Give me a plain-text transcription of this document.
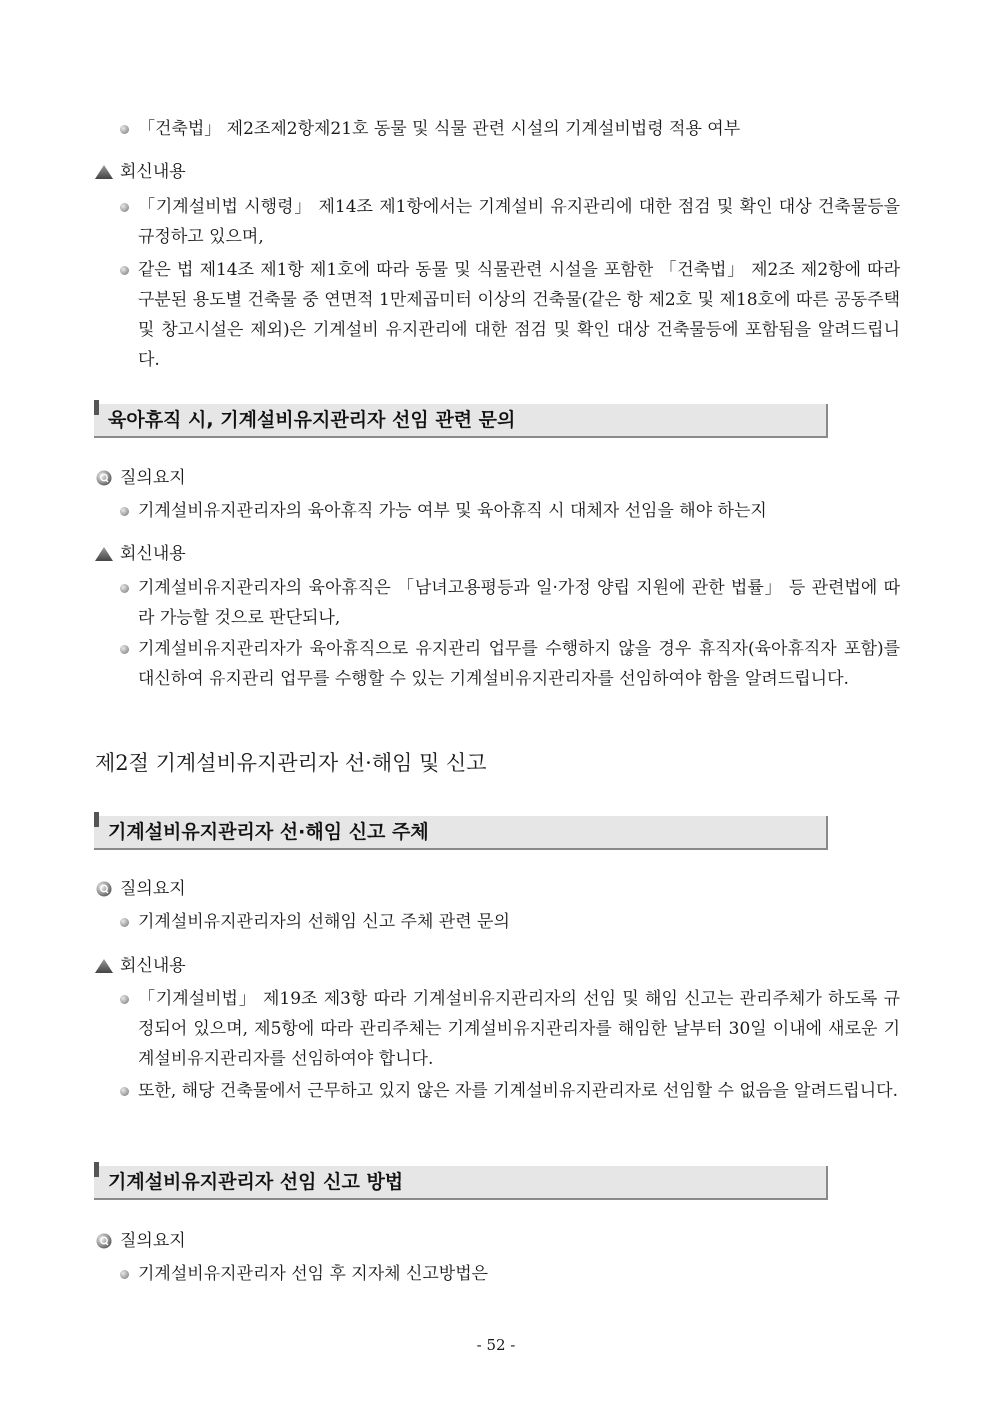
「건축법」 제2조제2항제21호 동물 및 식물 관련 시설의 기계설비법령 적용 여부
회신내용
「기계설비법 시행령」 제14조 제1항에서는 기계설비 유지관리에 대한 점검 및 확인 대상 건축물등을 규정하고 있으며,
같은 법 제14조 제1항 제1호에 따라 동물 및 식물관련 시설을 포함한 「건축법」 제2조 제2항에 따라 구분된 용도별 건축물 중 연면적 1만제곱미터 이상의 건축물(같은 항 제2호 및 제18호에 따른 공동주택 및 창고시설은 제외)은 기계설비 유지관리에 대한 점검 및 확인 대상 건축물등에 포함됨을 알려드립니다.
육아휴직 시, 기계설비유지관리자 선임 관련 문의
질의요지
기계설비유지관리자의 육아휴직 가능 여부 및 육아휴직 시 대체자 선임을 해야 하는지
회신내용
기계설비유지관리자의 육아휴직은 「남녀고용평등과 일·가정 양립 지원에 관한 법률」 등 관련법에 따라 가능할 것으로 판단되나,
기계설비유지관리자가 육아휴직으로 유지관리 업무를 수행하지 않을 경우 휴직자(육아휴직자 포함)를 대신하여 유지관리 업무를 수행할 수 있는 기계설비유지관리자를 선임하여야 함을 알려드립니다.
제2절 기계설비유지관리자 선·해임 및 신고
기계설비유지관리자 선·해임 신고 주체
질의요지
기계설비유지관리자의 선해임 신고 주체 관련 문의
회신내용
「기계설비법」 제19조 제3항 따라 기계설비유지관리자의 선임 및 해임 신고는 관리주체가 하도록 규정되어 있으며, 제5항에 따라 관리주체는 기계설비유지관리자를 해임한 날부터 30일 이내에 새로운 기계설비유지관리자를 선임하여야 합니다.
또한, 해당 건축물에서 근무하고 있지 않은 자를 기계설비유지관리자로 선임할 수 없음을 알려드립니다.
기계설비유지관리자 선임 신고 방법
질의요지
기계설비유지관리자 선임 후 지자체 신고방법은
- 52 -
